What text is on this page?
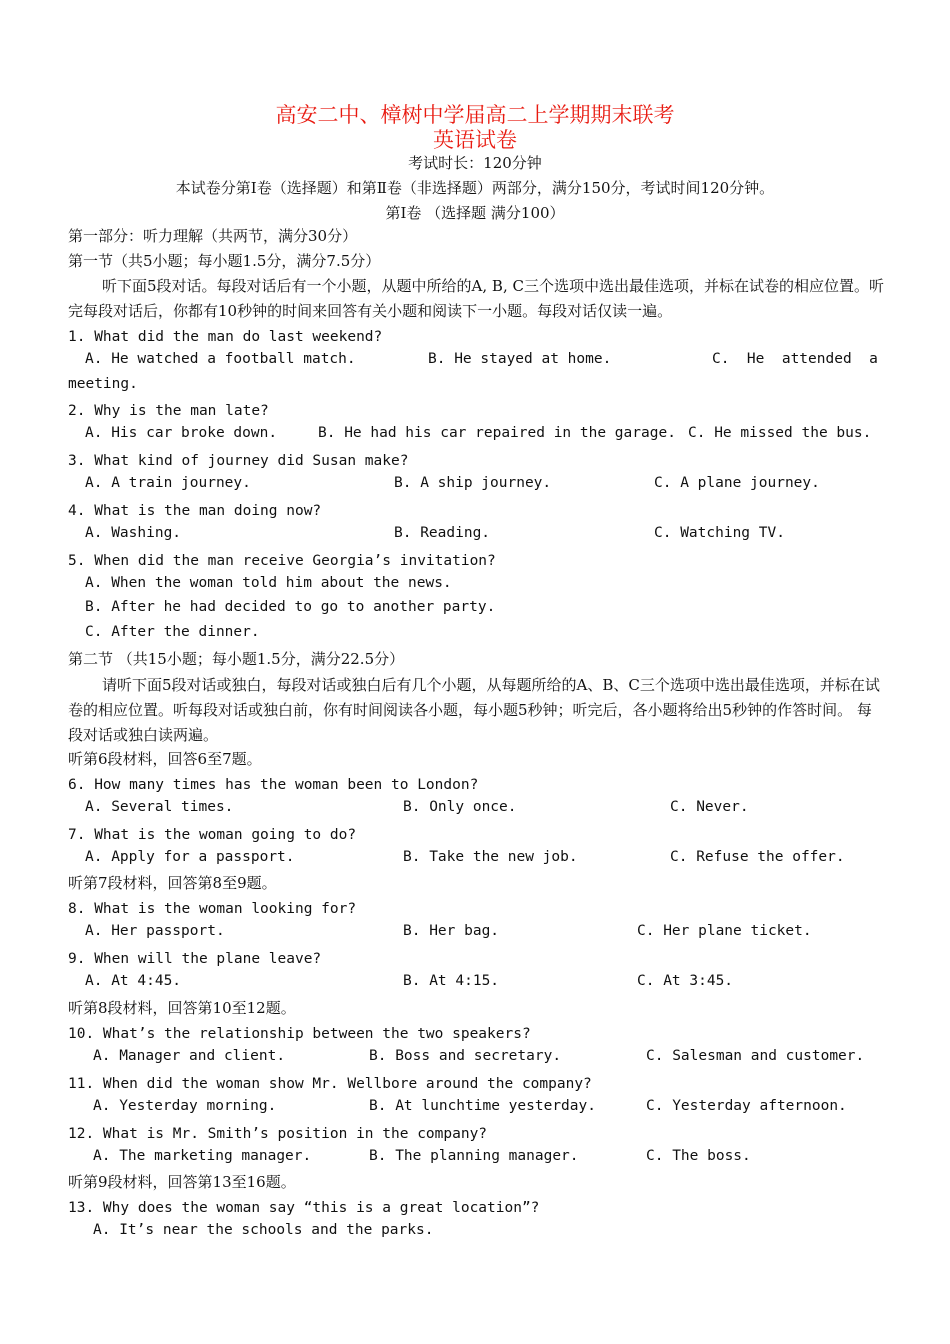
高安二中、樟树中学届高二上学期期末联考
英语试卷
考试时长：120分钟
本试卷分第Ⅰ卷（选择题）和第Ⅱ卷（非选择题）两部分，满分150分，考试时间120分钟。
第Ⅰ卷 （选择题 满分100）
第一部分：听力理解（共两节，满分30分）
第一节（共5小题；每小题1.5分，满分7.5分）
听下面5段对话。每段对话后有一个小题，从题中所给的A, B, C三个选项中选出最佳选项，并标在试卷的相应位置。听完每段对话后，你都有10秒钟的时间来回答有关小题和阅读下一小题。每段对话仅读一遍。
1. What did the man do last weekend?
A. He watched a football match.	B. He stayed at home.	C.  He  attended  a
meeting.
2. Why is the man late?
A. His car broke down.	B. He had his car repaired in the garage. C. He missed the bus.
3. What kind of journey did Susan make?
A. A train journey.	B. A ship journey.	C. A plane journey.
4. What is the man doing now?
A. Washing.	B. Reading.	C. Watching TV.
5. When did the man receive Georgia’s invitation?
A. When the woman told him about the news.
B. After he had decided to go to another party.
C. After the dinner.
第二节 （共15小题；每小题1.5分，满分22.5分）
请听下面5段对话或独白，每段对话或独白后有几个小题，从每题所给的A、B、C三个选项中选出最佳选项，并标在试卷的相应位置。听每段对话或独白前，你有时间阅读各小题，每小题5秒钟；听完后，各小题将给出5秒钟的作答时间。 每段对话或独白读两遍。
听第6段材料，回答6至7题。
6. How many times has the woman been to London?
A. Several times.	B. Only once.	C. Never.
7. What is the woman going to do?
A. Apply for a passport.	B. Take the new job.	C. Refuse the offer.
听第7段材料，回答第8至9题。
8. What is the woman looking for?
A. Her passport.	B. Her bag.	C. Her plane ticket.
9. When will the plane leave?
A. At 4:45.	B. At 4:15.	C. At 3:45.
听第8段材料，回答第10至12题。
10. What’s the relationship between the two speakers?
A. Manager and client.	B. Boss and secretary.	C. Salesman and customer.
11. When did the woman show Mr. Wellbore around the company?
A. Yesterday morning.	B. At lunchtime yesterday.	C. Yesterday afternoon.
12. What is Mr. Smith’s position in the company?
A. The marketing manager.	B. The planning manager.	C. The boss.
听第9段材料，回答第13至16题。
13. Why does the woman say “this is a great location”?
A. It’s near the schools and the parks.
